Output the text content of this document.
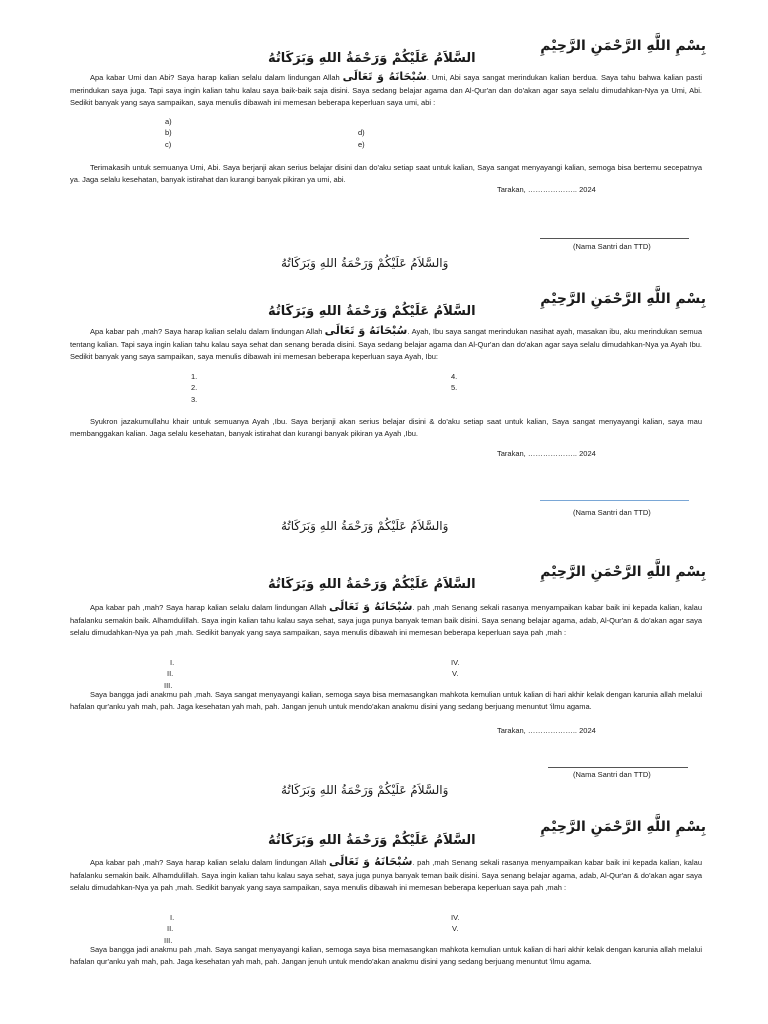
بِسْمِ اللَّهِ الرَّحْمَنِ الرَّحِيْمِ
السَّلاَمُ عَلَيْكُمْ وَرَحْمَةُ اللهِ وَبَرَكَاتُهُ
Apa kabar Umi dan Abi? Saya harap kalian selalu dalam lindungan Allah سُبْحَانَهُ وَ تَعَالَى. Umi, Abi saya sangat merindukan kalian berdua. Saya tahu bahwa kalian pasti merindukan saya juga. Tapi saya ingin kalian tahu kalau saya baik-baik saja disini. Saya sedang belajar agama dan Al-Qur'an dan do'akan agar saya selalu dimudahkan-Nya ya Umi, Abi. Sedikit banyak yang saya sampaikan, saya menulis dibawah ini memesan beberapa keperluan saya umi, abi :
a)
b)
c)
d)
e)
Terimakasih untuk semuanya Umi, Abi. Saya berjanji akan serius belajar disini dan do'aku setiap saat untuk kalian, Saya sangat menyayangi kalian, semoga bisa bertemu secepatnya ya. Jaga selalu kesehatan, banyak istirahat dan kurangi banyak pikiran ya umi, abi.
Tarakan, ……………….. 2024
(Nama Santri dan TTD)
وَالسَّلاَمُ عَلَيْكُمْ وَرَحْمَةُ اللهِ وَبَرَكَاتُهُ
بِسْمِ اللَّهِ الرَّحْمَنِ الرَّحِيْمِ
السَّلاَمُ عَلَيْكُمْ وَرَحْمَةُ اللهِ وَبَرَكَاتُهُ
Apa kabar pah ,mah? Saya harap kalian selalu dalam lindungan Allah سُبْحَانَهُ وَ تَعَالَى. Ayah, Ibu saya sangat merindukan nasihat ayah, masakan ibu, aku merindukan semua tentang kalian. Tapi saya ingin kalian tahu kalau saya sehat dan senang berada disini. Saya sedang belajar agama dan Al-Qur'an dan do'akan agar saya selalu dimudahkan-Nya ya Ayah Ibu. Sedikit banyak yang saya sampaikan, saya menulis dibawah ini memesan beberapa keperluan saya Ayah, Ibu:
1.
2.
3.
4.
5.
Syukron jazakumullahu khair untuk semuanya Ayah ,Ibu. Saya berjanji akan serius belajar disini & do'aku setiap saat untuk kalian, Saya sangat menyayangi kalian, saya mau membanggakan kalian. Jaga selalu kesehatan, banyak istirahat dan kurangi banyak pikiran ya Ayah ,Ibu.
Tarakan, ……………….. 2024
(Nama Santri dan TTD)
وَالسَّلاَمُ عَلَيْكُمْ وَرَحْمَةُ اللهِ وَبَرَكَاتُهُ
بِسْمِ اللَّهِ الرَّحْمَنِ الرَّحِيْمِ
السَّلاَمُ عَلَيْكُمْ وَرَحْمَةُ اللهِ وَبَرَكَاتُهُ
Apa kabar pah ,mah? Saya harap kalian selalu dalam lindungan Allah سُبْحَانَهُ وَ تَعَالَى. pah ,mah Senang sekali rasanya menyampaikan kabar baik ini kepada kalian, kalau hafalanku semakin baik. Alhamdulillah. Saya ingin kalian tahu kalau saya sehat, saya juga punya banyak teman baik disini. Saya senang belajar agama, adab, Al-Qur'an & do'akan agar saya selalu dimudahkan-Nya ya pah ,mah. Sedikit banyak yang saya sampaikan, saya menulis dibawah ini memesan beberapa keperluan saya pah ,mah :
I.
II.
III.
IV.
V.
Saya bangga jadi anakmu pah ,mah. Saya sangat menyayangi kalian, semoga saya bisa memasangkan mahkota kemulian untuk kalian di hari akhir kelak dengan karunia allah melalui hafalan qur'anku yah mah, pah. Jaga kesehatan yah mah, pah. Jangan jenuh untuk mendo'akan anakmu disini yang sedang berjuang menuntut 'ilmu agama.
Tarakan, ……………….. 2024
(Nama Santri dan TTD)
وَالسَّلاَمُ عَلَيْكُمْ وَرَحْمَةُ اللهِ وَبَرَكَاتُهُ
بِسْمِ اللَّهِ الرَّحْمَنِ الرَّحِيْمِ
السَّلاَمُ عَلَيْكُمْ وَرَحْمَةُ اللهِ وَبَرَكَاتُهُ
Apa kabar pah ,mah? Saya harap kalian selalu dalam lindungan Allah سُبْحَانَهُ وَ تَعَالَى. pah ,mah Senang sekali rasanya menyampaikan kabar baik ini kepada kalian, kalau hafalanku semakin baik. Alhamdulillah. Saya ingin kalian tahu kalau saya sehat, saya juga punya banyak teman baik disini. Saya senang belajar agama, adab, Al-Qur'an & do'akan agar saya selalu dimudahkan-Nya ya pah ,mah. Sedikit banyak yang saya sampaikan, saya menulis dibawah ini memesan beberapa keperluan saya pah ,mah :
I.
II.
III.
IV.
V.
Saya bangga jadi anakmu pah ,mah. Saya sangat menyayangi kalian, semoga saya bisa memasangkan mahkota kemulian untuk kalian di hari akhir kelak dengan karunia allah melalui hafalan qur'anku yah mah, pah. Jaga kesehatan yah mah, pah. Jangan jenuh untuk mendo'akan anakmu disini yang sedang berjuang menuntut 'ilmu agama.
